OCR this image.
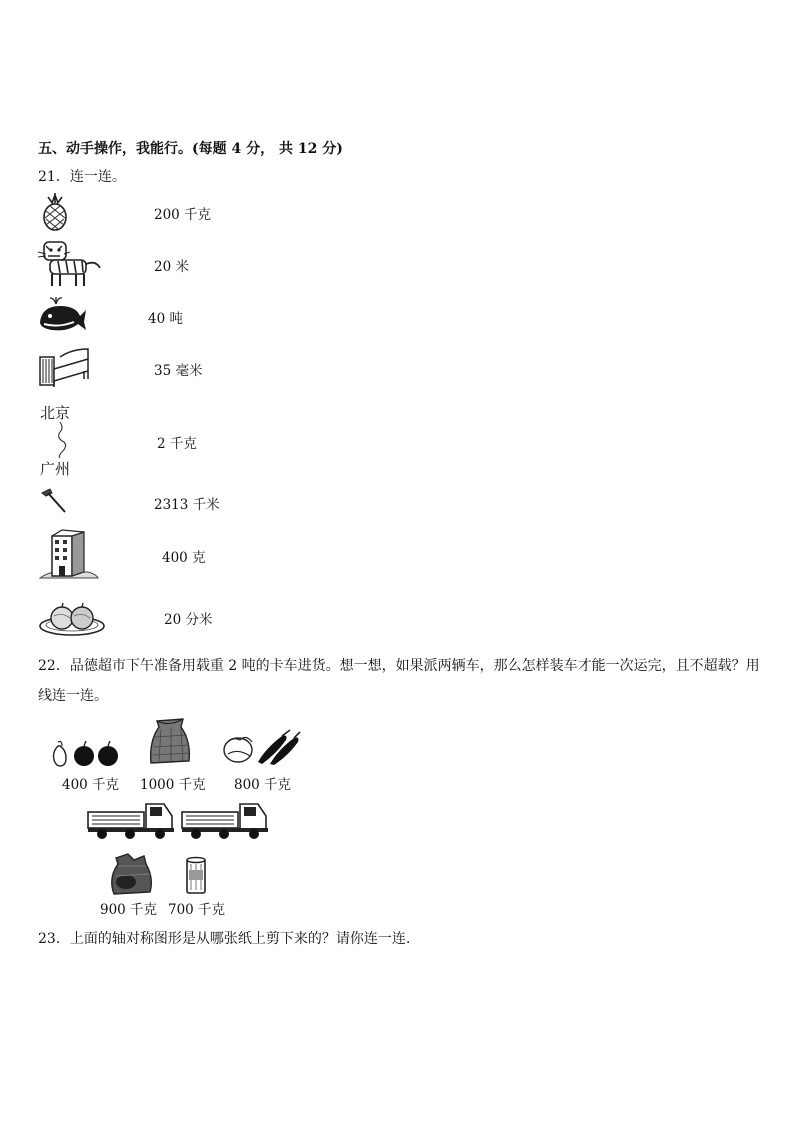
五、动手操作，我能行。(每题 4 分， 共 12 分)
21．连一连。
200 千克
20 米
40 吨
35 毫米
北京
广州
2 千克
2313 千米
400 克
20 分米
22．品德超市下午准备用载重 2 吨的卡车进货。想一想，如果派两辆车，那么怎样装车才能一次运完，且不超载？用
线连一连。
400 千克 1000 千克 800 千克
900 千克 700 千克
23．上面的轴对称图形是从哪张纸上剪下来的？请你连一连.
